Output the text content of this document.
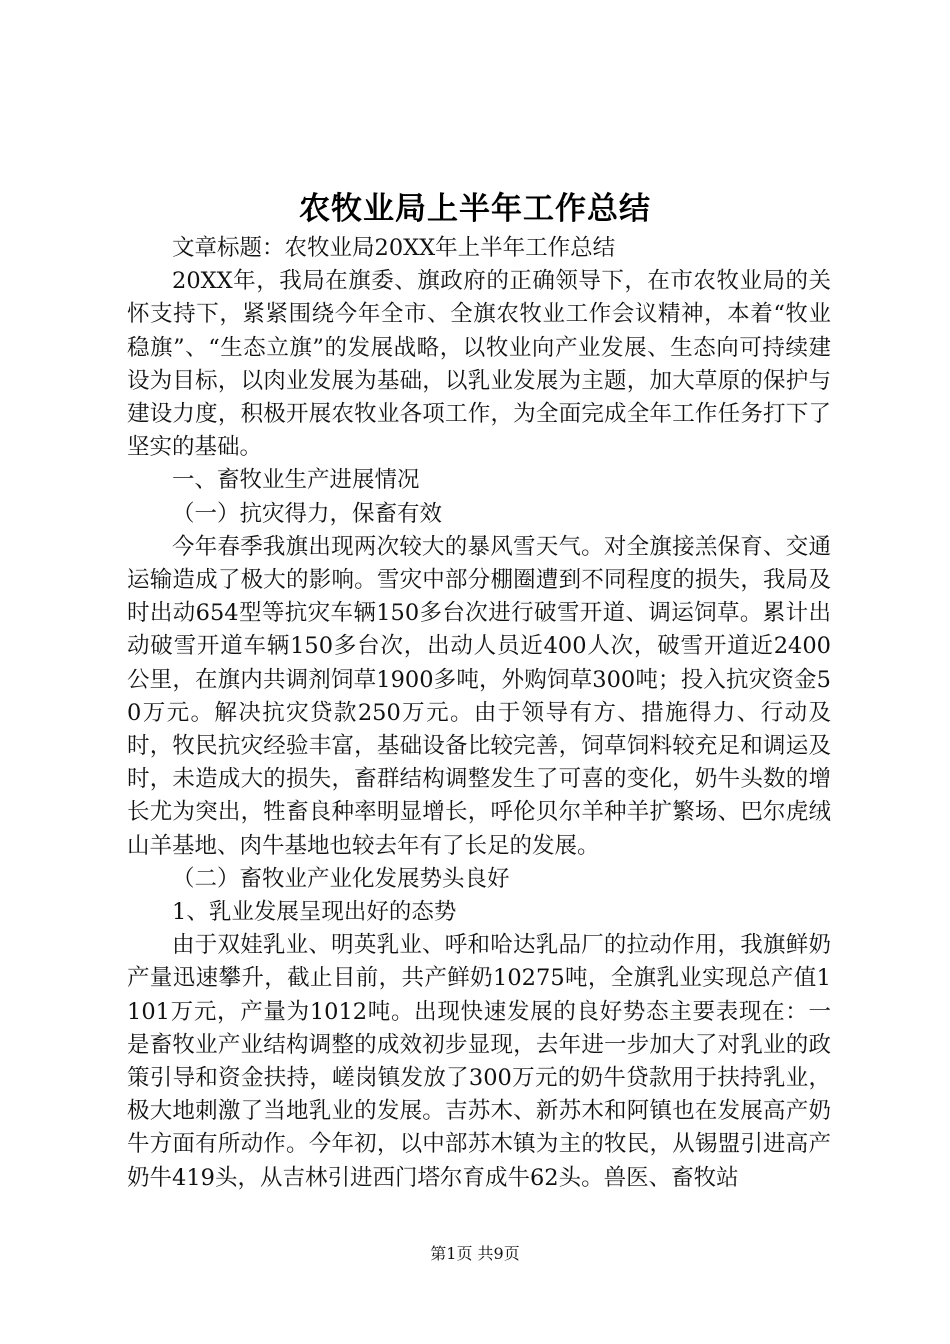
农牧业局上半年工作总结

文章标题：农牧业局20XX年上半年工作总结

20XX年，我局在旗委、旗政府的正确领导下，在市农牧业局的关怀支持下，紧紧围绕今年全市、全旗农牧业工作会议精神，本着“牧业稳旗”、“生态立旗”的发展战略，以牧业向产业发展、生态向可持续建设为目标，以肉业发展为基础，以乳业发展为主题，加大草原的保护与建设力度，积极开展农牧业各项工作，为全面完成全年工作任务打下了坚实的基础。

一、畜牧业生产进展情况

（一）抗灾得力，保畜有效

今年春季我旗出现两次较大的暴风雪天气。对全旗接羔保育、交通运输造成了极大的影响。雪灾中部分棚圈遭到不同程度的损失，我局及时出动654型等抗灾车辆150多台次进行破雪开道、调运饲草。累计出动破雪开道车辆150多台次，出动人员近400人次，破雪开道近2400公里，在旗内共调剂饲草1900多吨，外购饲草300吨；投入抗灾资金50万元。解决抗灾贷款250万元。由于领导有方、措施得力、行动及时，牧民抗灾经验丰富，基础设备比较完善，饲草饲料较充足和调运及时，未造成大的损失，畜群结构调整发生了可喜的变化，奶牛头数的增长尤为突出，牲畜良种率明显增长，呼伦贝尔羊种羊扩繁场、巴尔虎绒山羊基地、肉牛基地也较去年有了长足的发展。

（二）畜牧业产业化发展势头良好

1、乳业发展呈现出好的态势

由于双娃乳业、明英乳业、呼和哈达乳品厂的拉动作用，我旗鲜奶产量迅速攀升，截止目前，共产鲜奶10275吨，全旗乳业实现总产值1101万元，产量为1012吨。出现快速发展的良好势态主要表现在：一是畜牧业产业结构调整的成效初步显现，去年进一步加大了对乳业的政策引导和资金扶持，嵯岗镇发放了300万元的奶牛贷款用于扶持乳业，极大地刺激了当地乳业的发展。吉苏木、新苏木和阿镇也在发展高产奶牛方面有所动作。今年初，以中部苏木镇为主的牧民，从锡盟引进高产奶牛419头，从吉林引进西门塔尔育成牛62头。兽医、畜牧站

第1页 共9页
